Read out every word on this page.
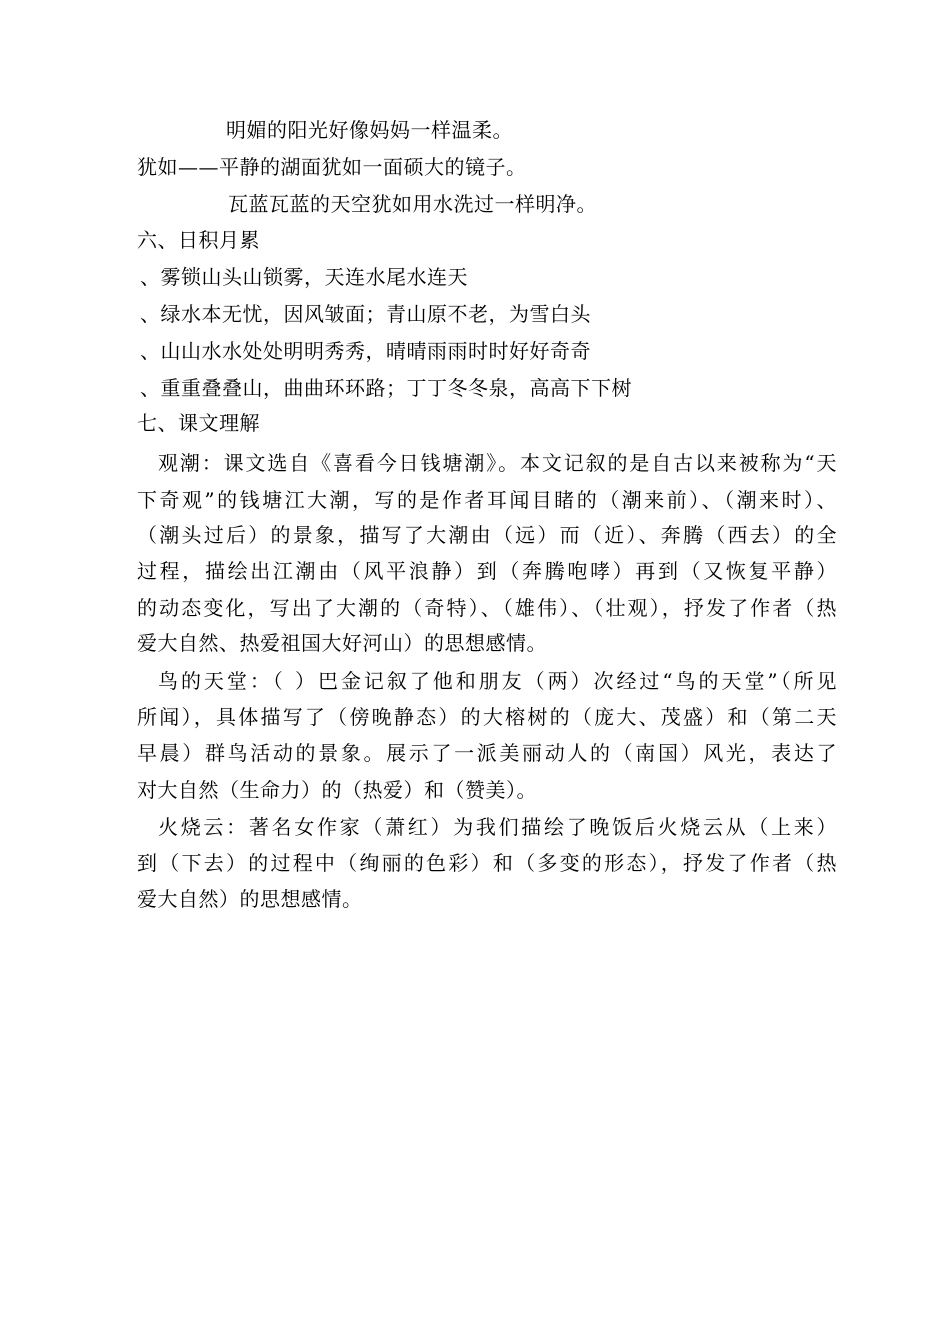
明媚的阳光好像妈妈一样温柔。
犹如——平静的湖面犹如一面硕大的镜子。
瓦蓝瓦蓝的天空犹如用水洗过一样明净。
六、日积月累
、雾锁山头山锁雾，天连水尾水连天
、绿水本无忧，因风皱面；青山原不老，为雪白头
、山山水水处处明明秀秀，晴晴雨雨时时好好奇奇
、重重叠叠山，曲曲环环路；丁丁冬冬泉，高高下下树
七、课文理解
观潮：课文选自《喜看今日钱塘潮》。本文记叙的是自古以来被称为“天
下奇观”的钱塘江大潮，写的是作者耳闻目睹的（潮来前）、（潮来时）、
（潮头过后）的景象，描写了大潮由（远）而（近）、奔腾（西去）的全
过程，描绘出江潮由（风平浪静）到（奔腾咆哮）再到（又恢复平静）
的动态变化，写出了大潮的（奇特）、（雄伟）、（壮观），抒发了作者（热
爱大自然、热爱祖国大好河山）的思想感情。
鸟的天堂：（ ）巴金记叙了他和朋友（两）次经过“鸟的天堂”（所见
所闻），具体描写了（傍晚静态）的大榕树的（庞大、茂盛）和（第二天
早晨）群鸟活动的景象。展示了一派美丽动人的（南国）风光，表达了
对大自然（生命力）的（热爱）和（赞美）。
火烧云：著名女作家（萧红）为我们描绘了晚饭后火烧云从（上来）
到（下去）的过程中（绚丽的色彩）和（多变的形态），抒发了作者（热
爱大自然）的思想感情。
